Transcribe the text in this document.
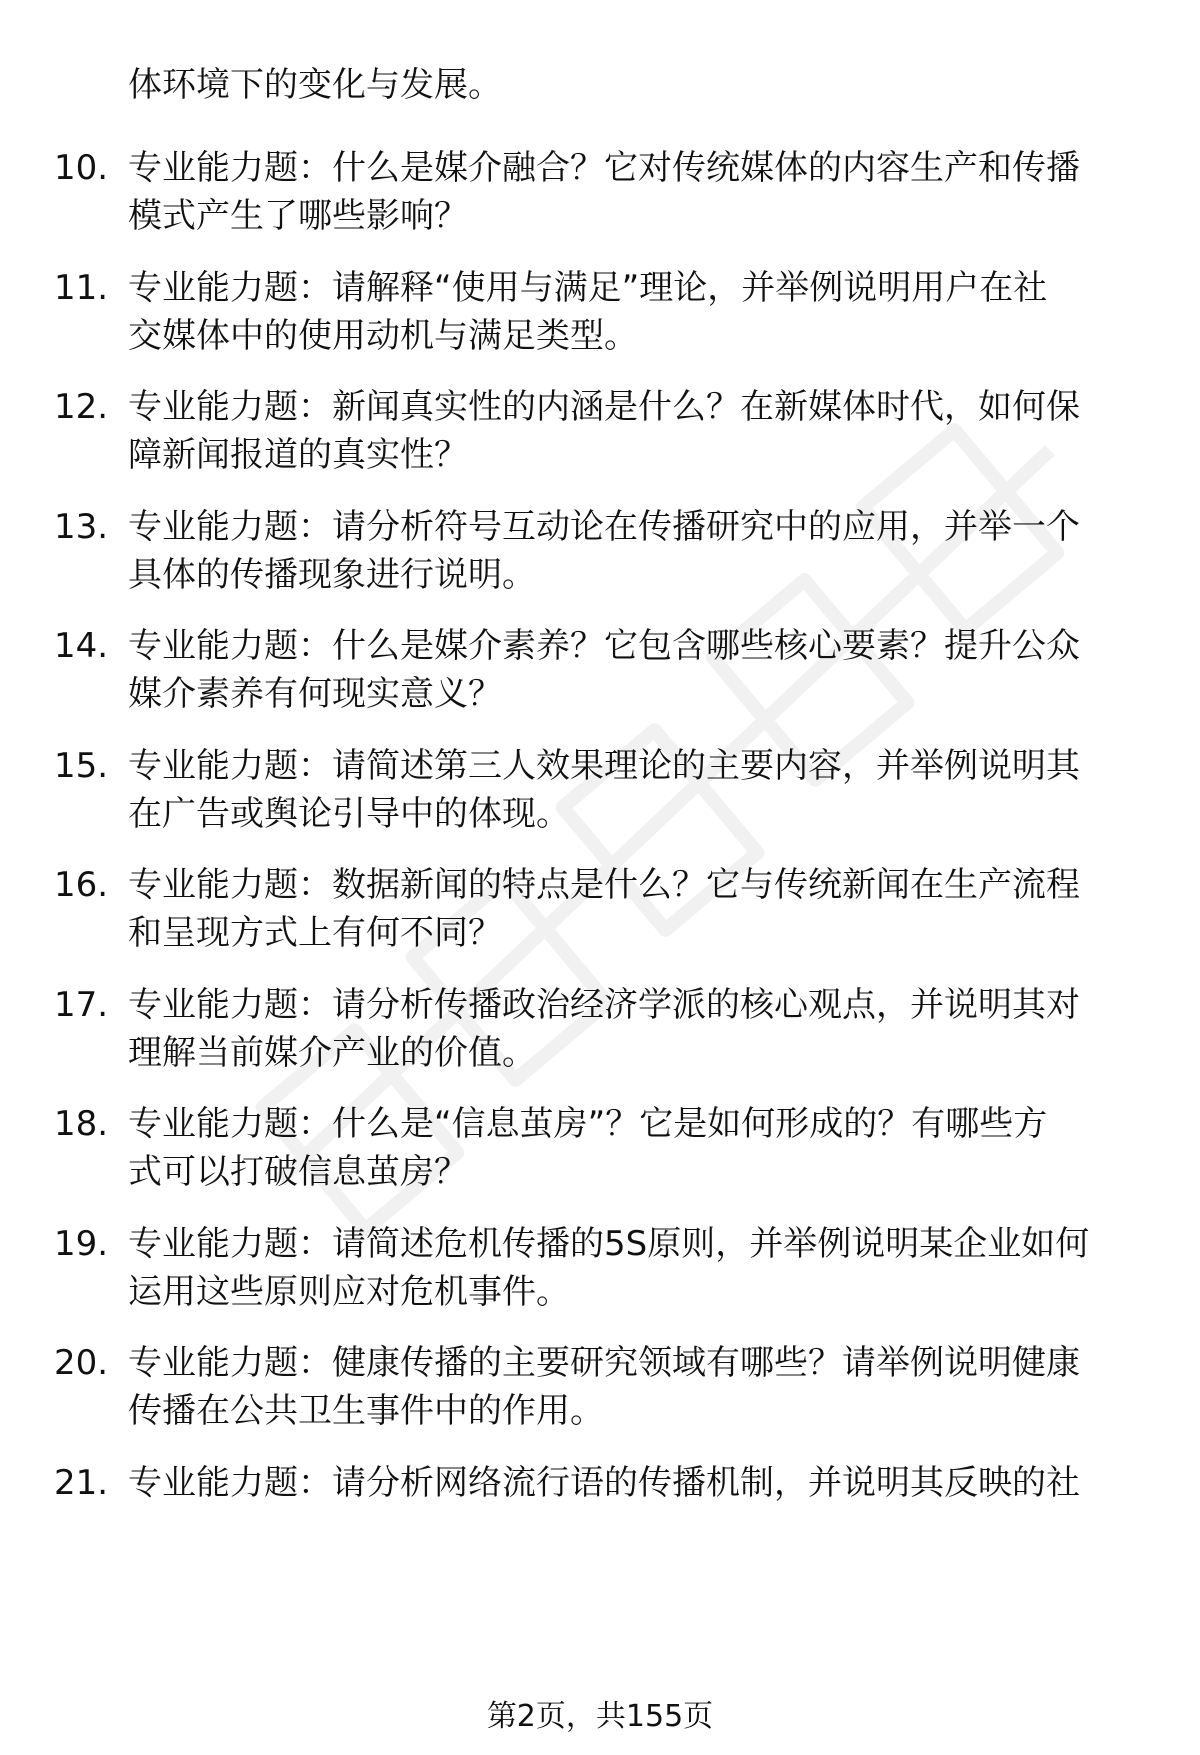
体环境下的变化与发展。
10. 专业能力题：什么是媒介融合？它对传统媒体的内容生产和传播
模式产生了哪些影响？
11. 专业能力题：请解释“使用与满足”理论，并举例说明用户在社
交媒体中的使用动机与满足类型。
12. 专业能力题：新闻真实性的内涵是什么？在新媒体时代，如何保
障新闻报道的真实性？
13. 专业能力题：请分析符号互动论在传播研究中的应用，并举一个
具体的传播现象进行说明。
14. 专业能力题：什么是媒介素养？它包含哪些核心要素？提升公众
媒介素养有何现实意义？
15. 专业能力题：请简述第三人效果理论的主要内容，并举例说明其
在广告或舆论引导中的体现。
16. 专业能力题：数据新闻的特点是什么？它与传统新闻在生产流程
和呈现方式上有何不同？
17. 专业能力题：请分析传播政治经济学派的核心观点，并说明其对
理解当前媒介产业的价值。
18. 专业能力题：什么是“信息茧房”？它是如何形成的？有哪些方
式可以打破信息茧房？
19. 专业能力题：请简述危机传播的5S原则，并举例说明某企业如何
运用这些原则应对危机事件。
20. 专业能力题：健康传播的主要研究领域有哪些？请举例说明健康
传播在公共卫生事件中的作用。
21. 专业能力题：请分析网络流行语的传播机制，并说明其反映的社
第2页，共155页
